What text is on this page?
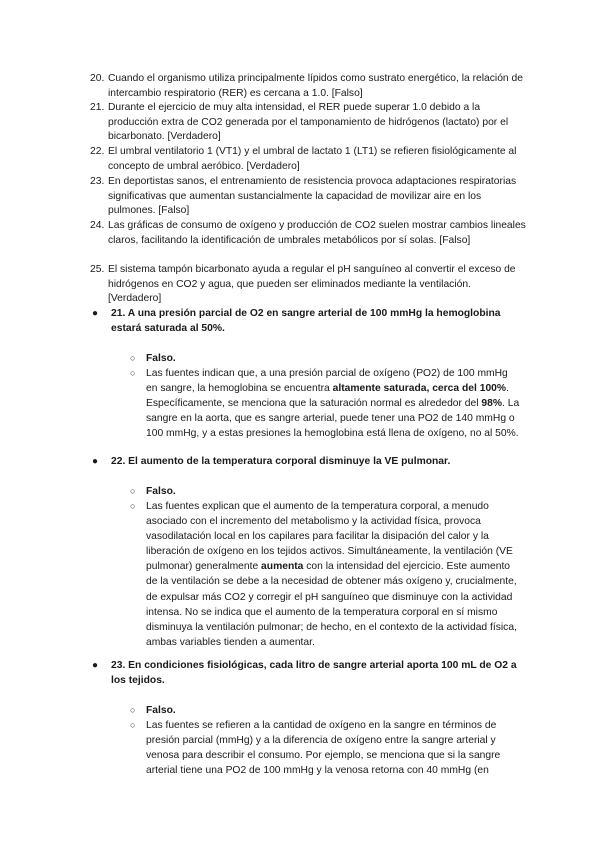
20. Cuando el organismo utiliza principalmente lípidos como sustrato energético, la relación de intercambio respiratorio (RER) es cercana a 1.0. [Falso]
21. Durante el ejercicio de muy alta intensidad, el RER puede superar 1.0 debido a la producción extra de CO2 generada por el tamponamiento de hidrógenos (lactato) por el bicarbonato. [Verdadero]
22. El umbral ventilatorio 1 (VT1) y el umbral de lactato 1 (LT1) se refieren fisiológicamente al concepto de umbral aeróbico. [Verdadero]
23. En deportistas sanos, el entrenamiento de resistencia provoca adaptaciones respiratorias significativas que aumentan sustancialmente la capacidad de movilizar aire en los pulmones. [Falso]
24. Las gráficas de consumo de oxígeno y producción de CO2 suelen mostrar cambios lineales claros, facilitando la identificación de umbrales metabólicos por sí solas. [Falso]
25. El sistema tampón bicarbonato ayuda a regular el pH sanguíneo al convertir el exceso de hidrógenos en CO2 y agua, que pueden ser eliminados mediante la ventilación. [Verdadero]
● 21. A una presión parcial de O2 en sangre arterial de 100 mmHg la hemoglobina estará saturada al 50%.
○ Falso.
○ Las fuentes indican que, a una presión parcial de oxígeno (PO2) de 100 mmHg en sangre, la hemoglobina se encuentra altamente saturada, cerca del 100%. Específicamente, se menciona que la saturación normal es alrededor del 98%. La sangre en la aorta, que es sangre arterial, puede tener una PO2 de 140 mmHg o 100 mmHg, y a estas presiones la hemoglobina está llena de oxígeno, no al 50%.
● 22. El aumento de la temperatura corporal disminuye la VE pulmonar.
○ Falso.
○ Las fuentes explican que el aumento de la temperatura corporal, a menudo asociado con el incremento del metabolismo y la actividad física, provoca vasodilatación local en los capilares para facilitar la disipación del calor y la liberación de oxígeno en los tejidos activos. Simultáneamente, la ventilación (VE pulmonar) generalmente aumenta con la intensidad del ejercicio. Este aumento de la ventilación se debe a la necesidad de obtener más oxígeno y, crucialmente, de expulsar más CO2 y corregir el pH sanguíneo que disminuye con la actividad intensa. No se indica que el aumento de la temperatura corporal en sí mismo disminuya la ventilación pulmonar; de hecho, en el contexto de la actividad física, ambas variables tienden a aumentar.
● 23. En condiciones fisiológicas, cada litro de sangre arterial aporta 100 mL de O2 a los tejidos.
○ Falso.
○ Las fuentes se refieren a la cantidad de oxígeno en la sangre en términos de presión parcial (mmHg) y a la diferencia de oxígeno entre la sangre arterial y venosa para describir el consumo. Por ejemplo, se menciona que si la sangre arterial tiene una PO2 de 100 mmHg y la venosa retorna con 40 mmHg (en
